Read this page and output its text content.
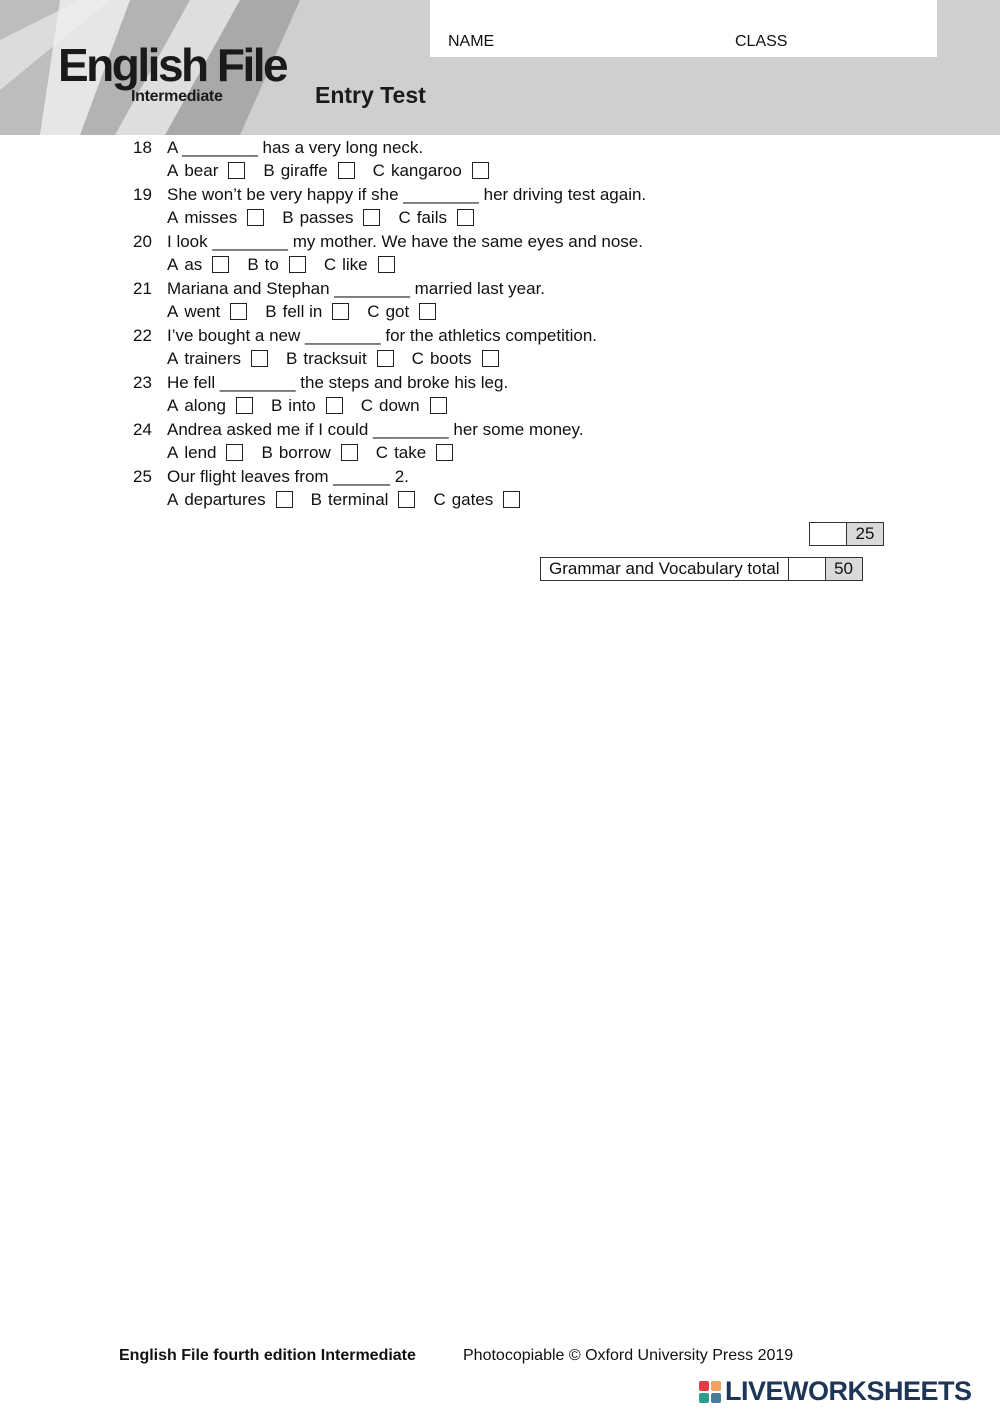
English File
Intermediate	Entry Test
NAME	CLASS
18 A ________ has a very long neck.
A bear	B giraffe	C kangaroo
19 She won’t be very happy if she ________ her driving test again.
A misses	B passes	C fails
20 I look ________ my mother. We have the same eyes and nose.
A as	B to	C like
21 Mariana and Stephan ________ married last year.
A went	B fell in	C got
22 I’ve bought a new ________ for the athletics competition.
A trainers	B tracksuit	C boots
23 He fell ________ the steps and broke his leg.
A along	B into	C down
24 Andrea asked me if I could ________ her some money.
A lend	B borrow	C take
25 Our flight leaves from ______ 2.
A departures	B terminal	C gates
25
Grammar and Vocabulary total	50
English File fourth edition Intermediate	Photocopiable © Oxford University Press 2019
LIVEWORKSHEETS
